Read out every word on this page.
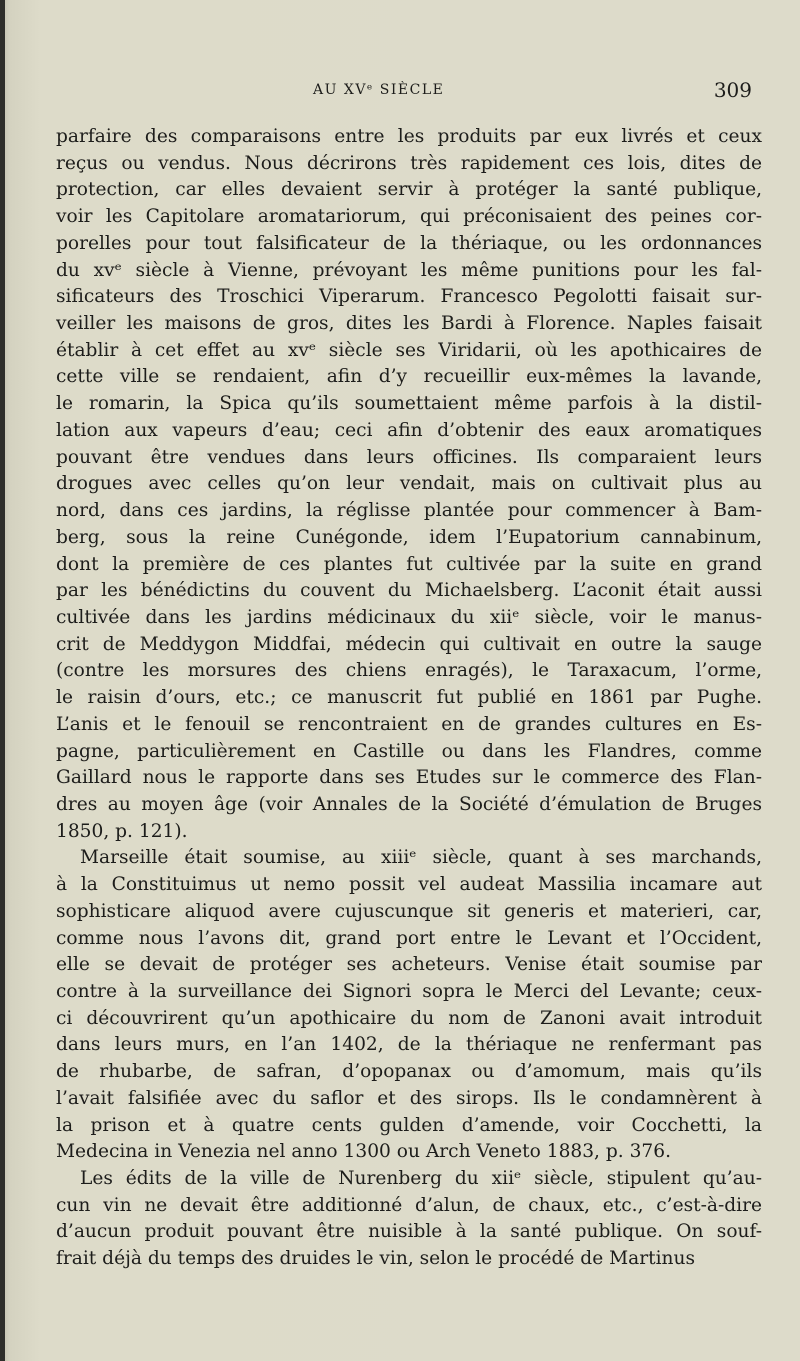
AU XVᵉ SIÈCLE	309
parfaire des comparaisons entre les produits par eux livrés et ceux
reçus ou vendus. Nous décrirons très rapidement ces lois, dites de
protection, car elles devaient servir à protéger la santé publique,
voir les Capitolare aromatariorum, qui préconisaient des peines cor-
porelles pour tout falsificateur de la thériaque, ou les ordonnances
du xvᵉ siècle à Vienne, prévoyant les même punitions pour les fal-
sificateurs des Troschici Viperarum. Francesco Pegolotti faisait sur-
veiller les maisons de gros, dites les Bardi à Florence. Naples faisait
établir à cet effet au xvᵉ siècle ses Viridarii, où les apothicaires de
cette ville se rendaient, afin d’y recueillir eux-mêmes la lavande,
le romarin, la Spica qu’ils soumettaient même parfois à la distil-
lation aux vapeurs d’eau; ceci afin d’obtenir des eaux aromatiques
pouvant être vendues dans leurs officines. Ils comparaient leurs
drogues avec celles qu’on leur vendait, mais on cultivait plus au
nord, dans ces jardins, la réglisse plantée pour commencer à Bam-
berg, sous la reine Cunégonde, idem l’Eupatorium cannabinum,
dont la première de ces plantes fut cultivée par la suite en grand
par les bénédictins du couvent du Michaelsberg. L’aconit était aussi
cultivée dans les jardins médicinaux du xiiᵉ siècle, voir le manus-
crit de Meddygon Middfai, médecin qui cultivait en outre la sauge
(contre les morsures des chiens enragés), le Taraxacum, l’orme,
le raisin d’ours, etc.; ce manuscrit fut publié en 1861 par Pughe.
L’anis et le fenouil se rencontraient en de grandes cultures en Es-
pagne, particulièrement en Castille ou dans les Flandres, comme
Gaillard nous le rapporte dans ses Etudes sur le commerce des Flan-
dres au moyen âge (voir Annales de la Société d’émulation de Bruges
1850, p. 121).
Marseille était soumise, au xiiiᵉ siècle, quant à ses marchands,
à la Constituimus ut nemo possit vel audeat Massilia incamare aut
sophisticare aliquod avere cujuscunque sit generis et materieri, car,
comme nous l’avons dit, grand port entre le Levant et l’Occident,
elle se devait de protéger ses acheteurs. Venise était soumise par
contre à la surveillance dei Signori sopra le Merci del Levante; ceux-
ci découvrirent qu’un apothicaire du nom de Zanoni avait introduit
dans leurs murs, en l’an 1402, de la thériaque ne renfermant pas
de rhubarbe, de safran, d’opopanax ou d’amomum, mais qu’ils
l’avait falsifiée avec du saflor et des sirops. Ils le condamnèrent à
la prison et à quatre cents gulden d’amende, voir Cocchetti, la
Medecina in Venezia nel anno 1300 ou Arch Veneto 1883, p. 376.
Les édits de la ville de Nurenberg du xiiᵉ siècle, stipulent qu’au-
cun vin ne devait être additionné d’alun, de chaux, etc., c’est-à-dire
d’aucun produit pouvant être nuisible à la santé publique. On souf-
frait déjà du temps des druides le vin, selon le procédé de Martinus
